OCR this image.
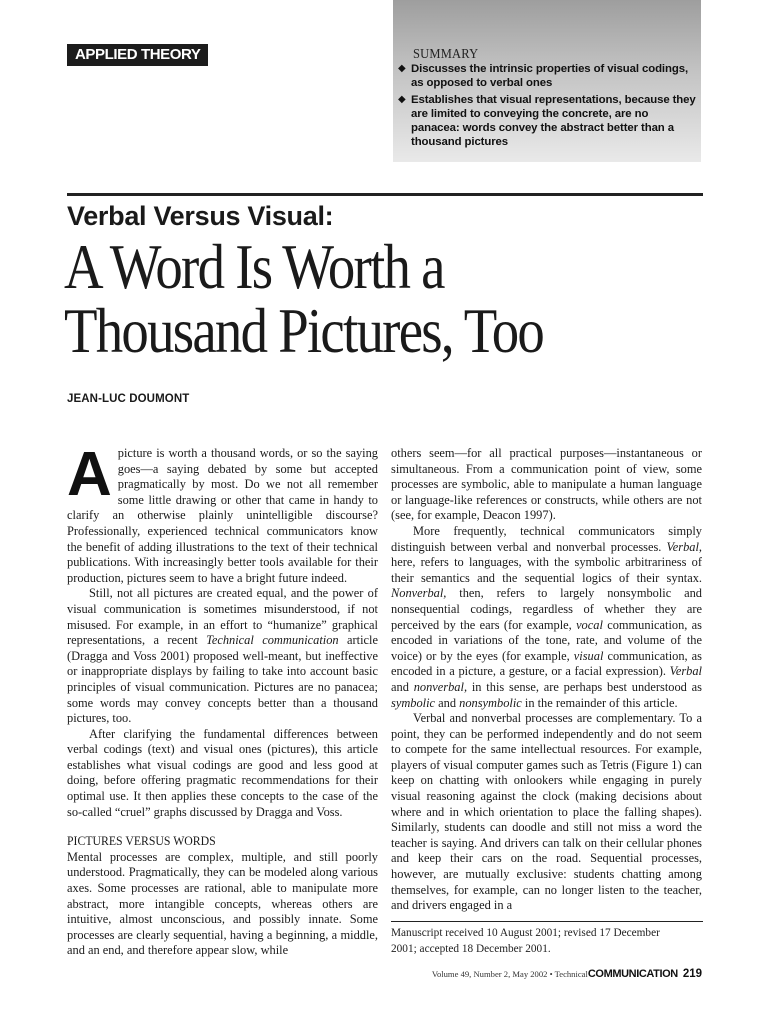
APPLIED THEORY	SUMMARY
◆ Discusses the intrinsic properties of visual codings, as opposed to verbal ones
◆ Establishes that visual representations, because they are limited to conveying the concrete, are no panacea: words convey the abstract better than a thousand pictures
Verbal Versus Visual:
A Word Is Worth a
Thousand Pictures, Too
JEAN-LUC DOUMONT

Apicture is worth a thousand words, or so the saying goes—a saying debated by some but accepted pragmatically by most. Do we not all remember some little drawing or other that came in handy to clarify an otherwise plainly unintelligible discourse? Professionally, experienced technical communicators know the benefit of adding illustrations to the text of their technical publications. With increasingly better tools available for their production, pictures seem to have a bright future indeed.

Still, not all pictures are created equal, and the power of visual communication is sometimes misunderstood, if not misused. For example, in an effort to “humanize” graphical representations, a recent Technical communication article (Dragga and Voss 2001) proposed well-meant, but ineffective or inappropriate displays by failing to take into account basic principles of visual communication. Pictures are no panacea; some words may convey concepts better than a thousand pictures, too.

After clarifying the fundamental differences between verbal codings (text) and visual ones (pictures), this article establishes what visual codings are good and less good at doing, before offering pragmatic recommendations for their optimal use. It then applies these concepts to the case of the so-called “cruel” graphs discussed by Dragga and Voss.

PICTURES VERSUS WORDS

Mental processes are complex, multiple, and still poorly understood. Pragmatically, they can be modeled along various axes. Some processes are rational, able to manipulate more abstract, more intangible concepts, whereas others are intuitive, almost unconscious, and possibly innate. Some processes are clearly sequential, having a beginning, a middle, and an end, and therefore appear slow, while

others seem—for all practical purposes—instantaneous or simultaneous. From a communication point of view, some processes are symbolic, able to manipulate a human language or language-like references or constructs, while others are not (see, for example, Deacon 1997).

More frequently, technical communicators simply distinguish between verbal and nonverbal processes. Verbal, here, refers to languages, with the symbolic arbitrariness of their semantics and the sequential logics of their syntax. Nonverbal, then, refers to largely nonsymbolic and nonsequential codings, regardless of whether they are perceived by the ears (for example, vocal communication, as encoded in variations of the tone, rate, and volume of the voice) or by the eyes (for example, visual communication, as encoded in a picture, a gesture, or a facial expression). Verbal and nonverbal, in this sense, are perhaps best understood as symbolic and nonsymbolic in the remainder of this article.

Verbal and nonverbal processes are complementary. To a point, they can be performed independently and do not seem to compete for the same intellectual resources. For example, players of visual computer games such as Tetris (Figure 1) can keep on chatting with onlookers while engaging in purely visual reasoning against the clock (making decisions about where and in which orientation to place the falling shapes). Similarly, students can doodle and still not miss a word the teacher is saying. And drivers can talk on their cellular phones and keep their cars on the road. Sequential processes, however, are mutually exclusive: students chatting among themselves, for example, can no longer listen to the teacher, and drivers engaged in a

Manuscript received 10 August 2001; revised 17 December
2001; accepted 18 December 2001.
Volume 49, Number 2, May 2002 • TechnicalCOMMUNICATION 219
